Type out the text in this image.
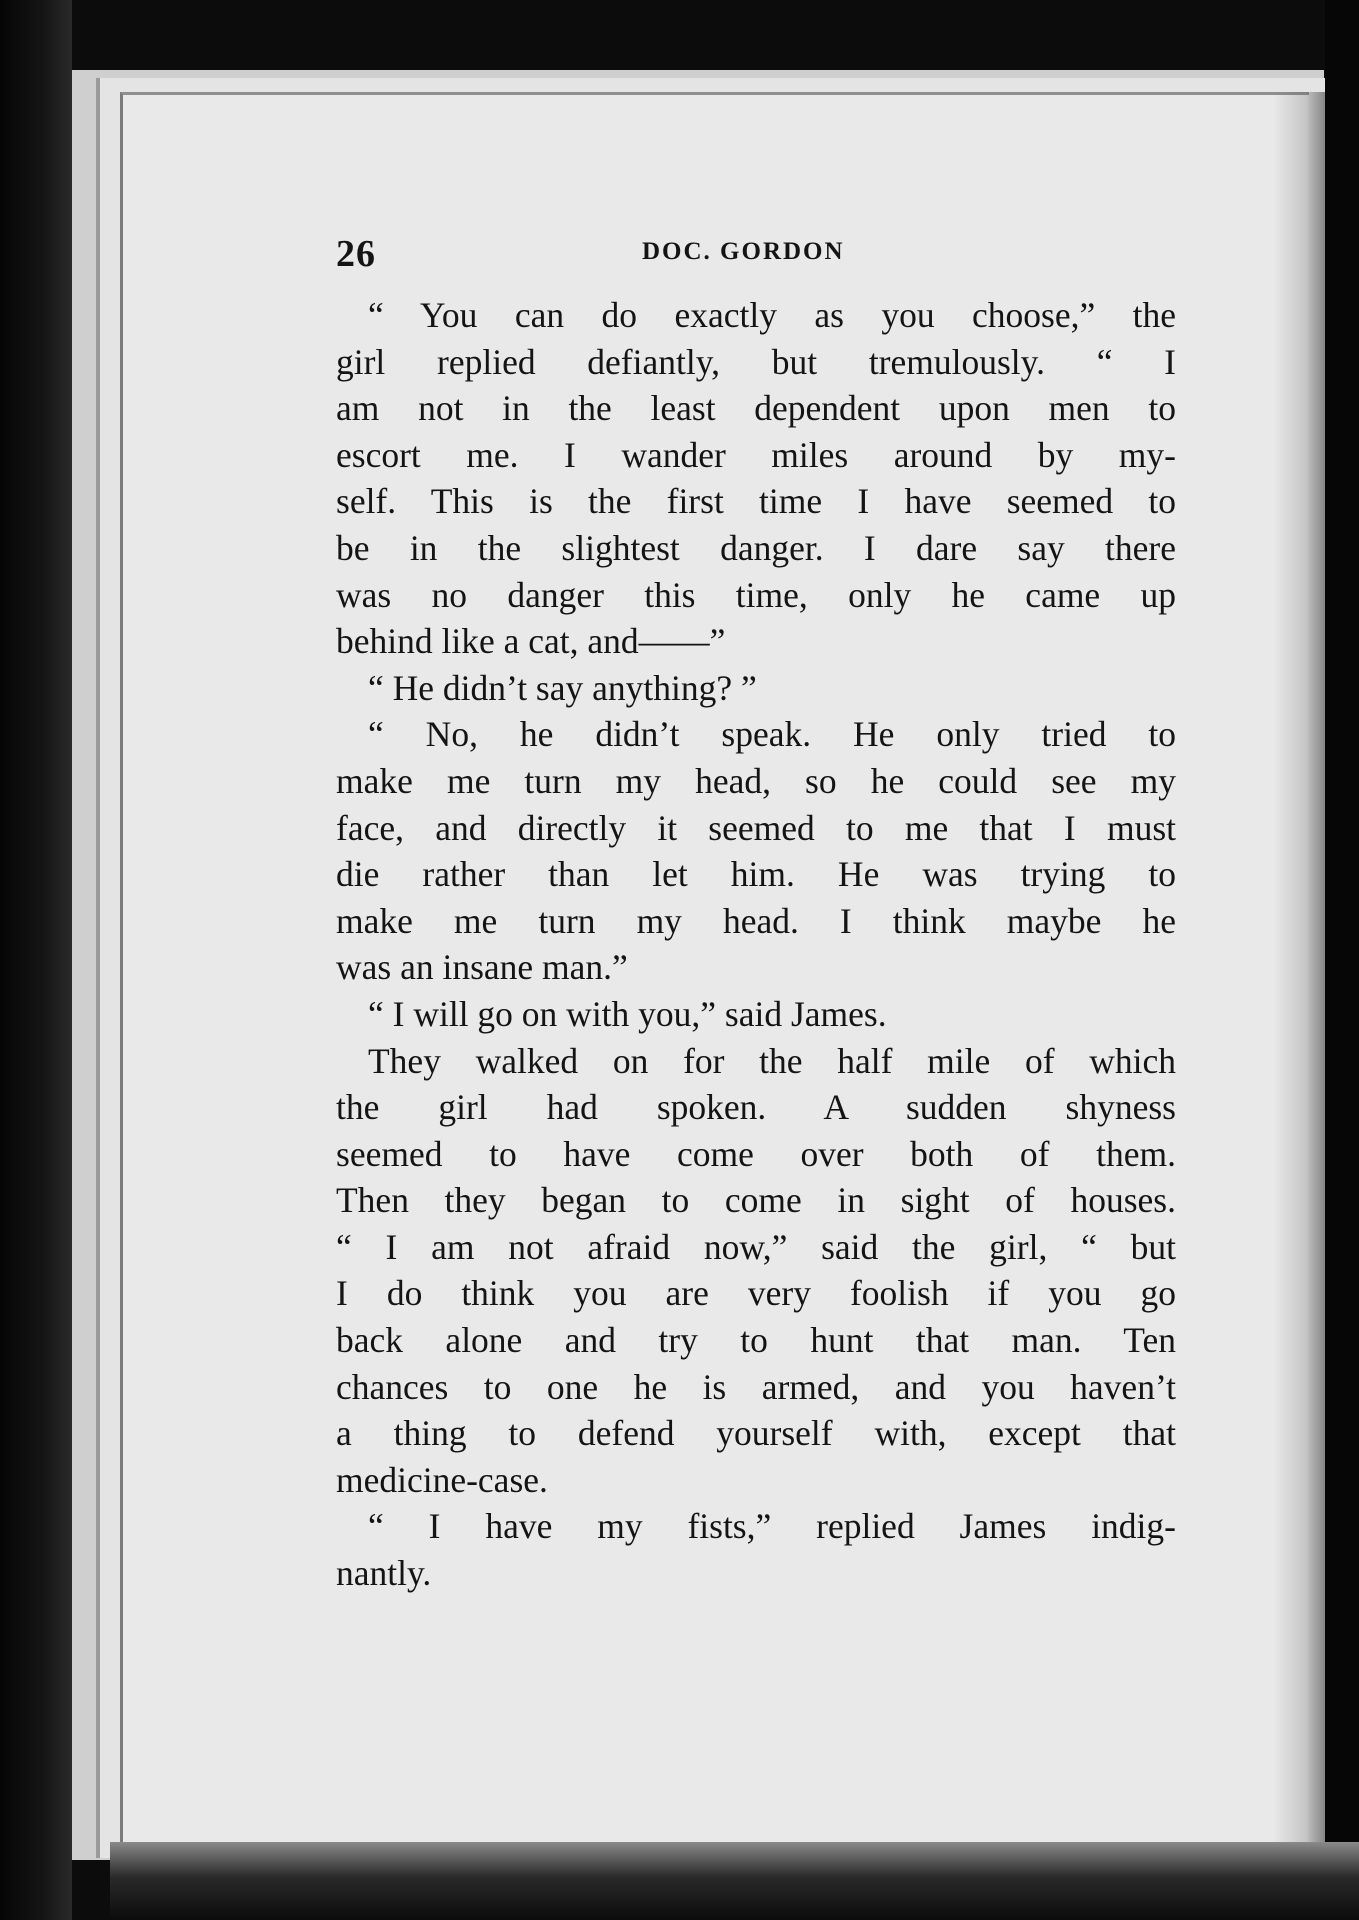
26	DOC. GORDON
“ You can do exactly as you choose,” the
girl replied defiantly, but tremulously. “ I
am not in the least dependent upon men to
escort me. I wander miles around by my-
self. This is the first time I have seemed to
be in the slightest danger. I dare say there
was no danger this time, only he came up
behind like a cat, and——”
“ He didn’t say anything? ”
“ No, he didn’t speak. He only tried to
make me turn my head, so he could see my
face, and directly it seemed to me that I must
die rather than let him. He was trying to
make me turn my head. I think maybe he
was an insane man.”
“ I will go on with you,” said James.
They walked on for the half mile of which
the girl had spoken. A sudden shyness
seemed to have come over both of them.
Then they began to come in sight of houses.
“ I am not afraid now,” said the girl, “ but
I do think you are very foolish if you go
back alone and try to hunt that man. Ten
chances to one he is armed, and you haven’t
a thing to defend yourself with, except that
medicine-case.
“ I have my fists,” replied James indig-
nantly.
